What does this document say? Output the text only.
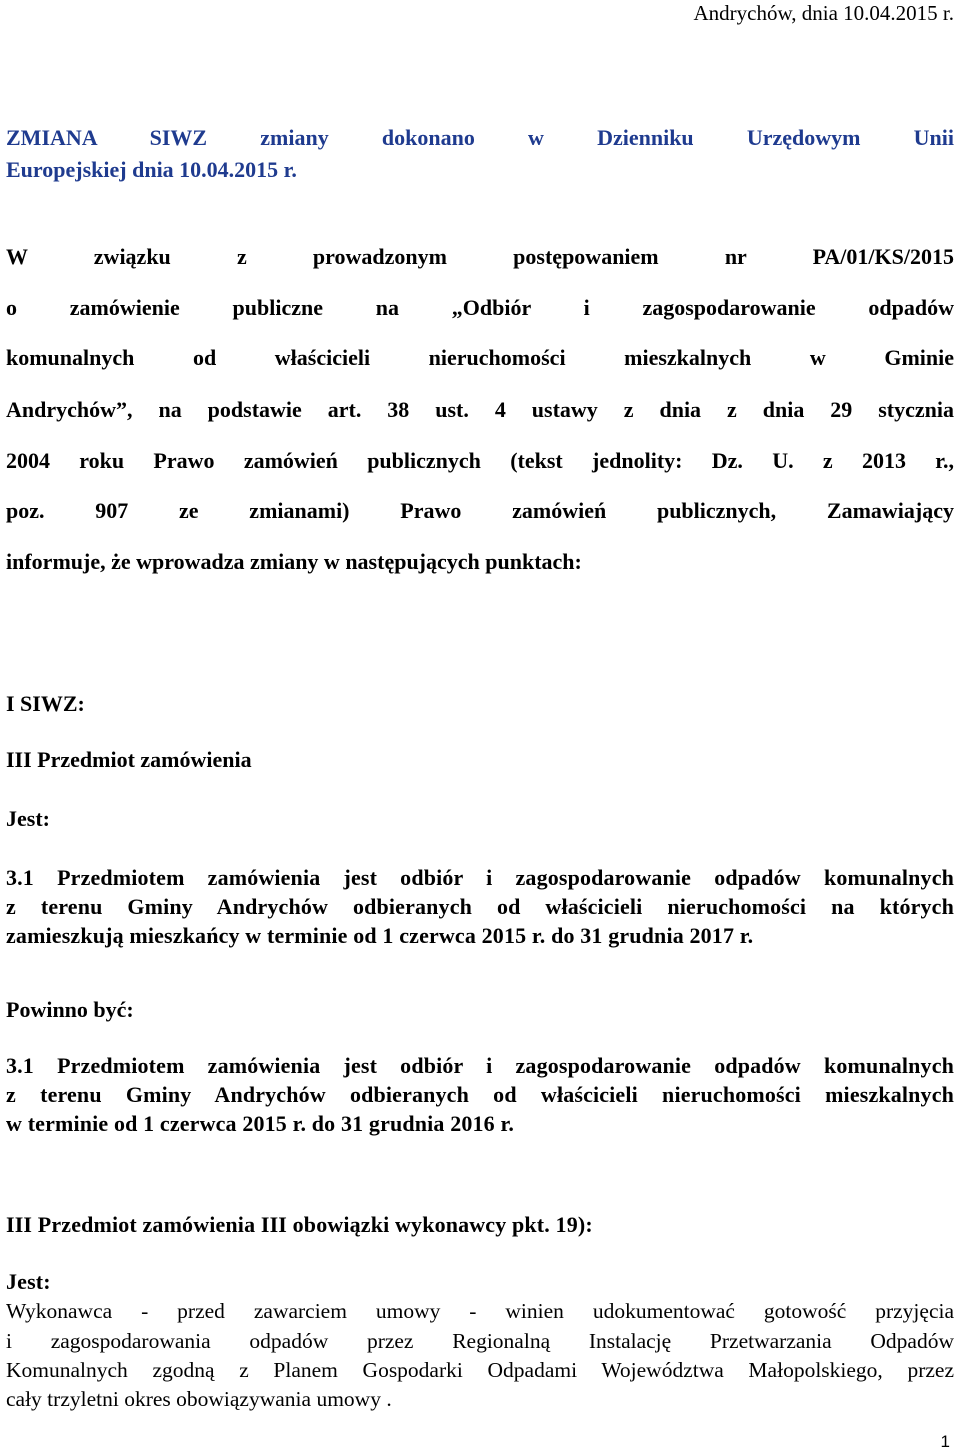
Andrychów, dnia 10.04.2015 r.
ZMIANA SIWZ zmiany dokonano w Dzienniku Urzędowym Unii
Europejskiej dnia 10.04.2015 r.
W związku z prowadzonym postępowaniem nr PA/01/KS/2015
o zamówienie publiczne na „Odbiór i zagospodarowanie odpadów
komunalnych od właścicieli nieruchomości mieszkalnych w Gminie
Andrychów”, na podstawie art. 38 ust. 4 ustawy z dnia z dnia 29 stycznia
2004 roku Prawo zamówień publicznych (tekst jednolity: Dz. U. z 2013 r.,
poz. 907 ze zmianami) Prawo zamówień publicznych, Zamawiający
informuje, że wprowadza zmiany w następujących punktach:
I SIWZ:
III Przedmiot zamówienia
Jest:
3.1 Przedmiotem zamówienia jest odbiór i zagospodarowanie odpadów komunalnych
z terenu Gminy Andrychów odbieranych od właścicieli nieruchomości na których
zamieszkują mieszkańcy w terminie od 1 czerwca 2015 r. do 31 grudnia 2017 r.
Powinno być:
3.1 Przedmiotem zamówienia jest odbiór i zagospodarowanie odpadów komunalnych
z terenu Gminy Andrychów odbieranych od właścicieli nieruchomości mieszkalnych
w terminie od 1 czerwca 2015 r. do 31 grudnia 2016 r.
III Przedmiot zamówienia III obowiązki wykonawcy pkt. 19):
Jest:
Wykonawca - przed zawarciem umowy - winien udokumentować gotowość przyjęcia
i zagospodarowania odpadów przez Regionalną Instalację Przetwarzania Odpadów
Komunalnych zgodną z Planem Gospodarki Odpadami Województwa Małopolskiego, przez
cały trzyletni okres obowiązywania umowy .
1
